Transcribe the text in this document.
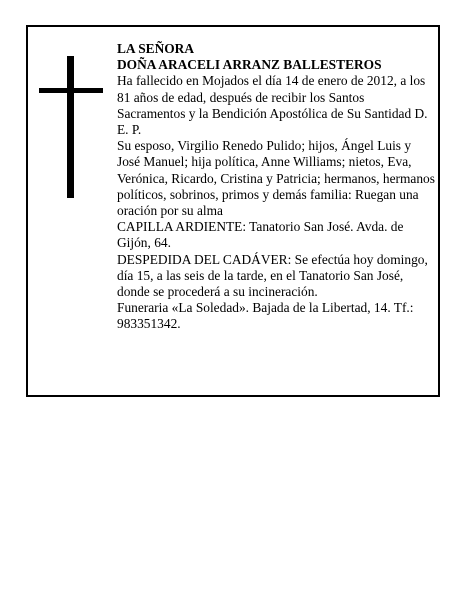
LA SEÑORA

DOÑA ARACELI ARRANZ BALLESTEROS

Ha fallecido en Mojados el día 14 de enero de 2012, a los 81 años de edad, después de recibir los Santos Sacramentos y la Bendición Apostólica de Su Santidad D. E. P.

Su esposo, Virgilio Renedo Pulido; hijos, Ángel Luis y José Manuel; hija política, Anne Williams; nietos, Eva, Verónica, Ricardo, Cristina y Patricia; hermanos, hermanos políticos, sobrinos, primos y demás familia: Ruegan una oración por su alma

CAPILLA ARDIENTE: Tanatorio San José. Avda. de Gijón, 64.

DESPEDIDA DEL CADÁVER: Se efectúa hoy domingo, día 15, a las seis de la tarde, en el Tanatorio San José, donde se procederá a su incineración.

Funeraria «La Soledad». Bajada de la Libertad, 14. Tf.: 983351342.
